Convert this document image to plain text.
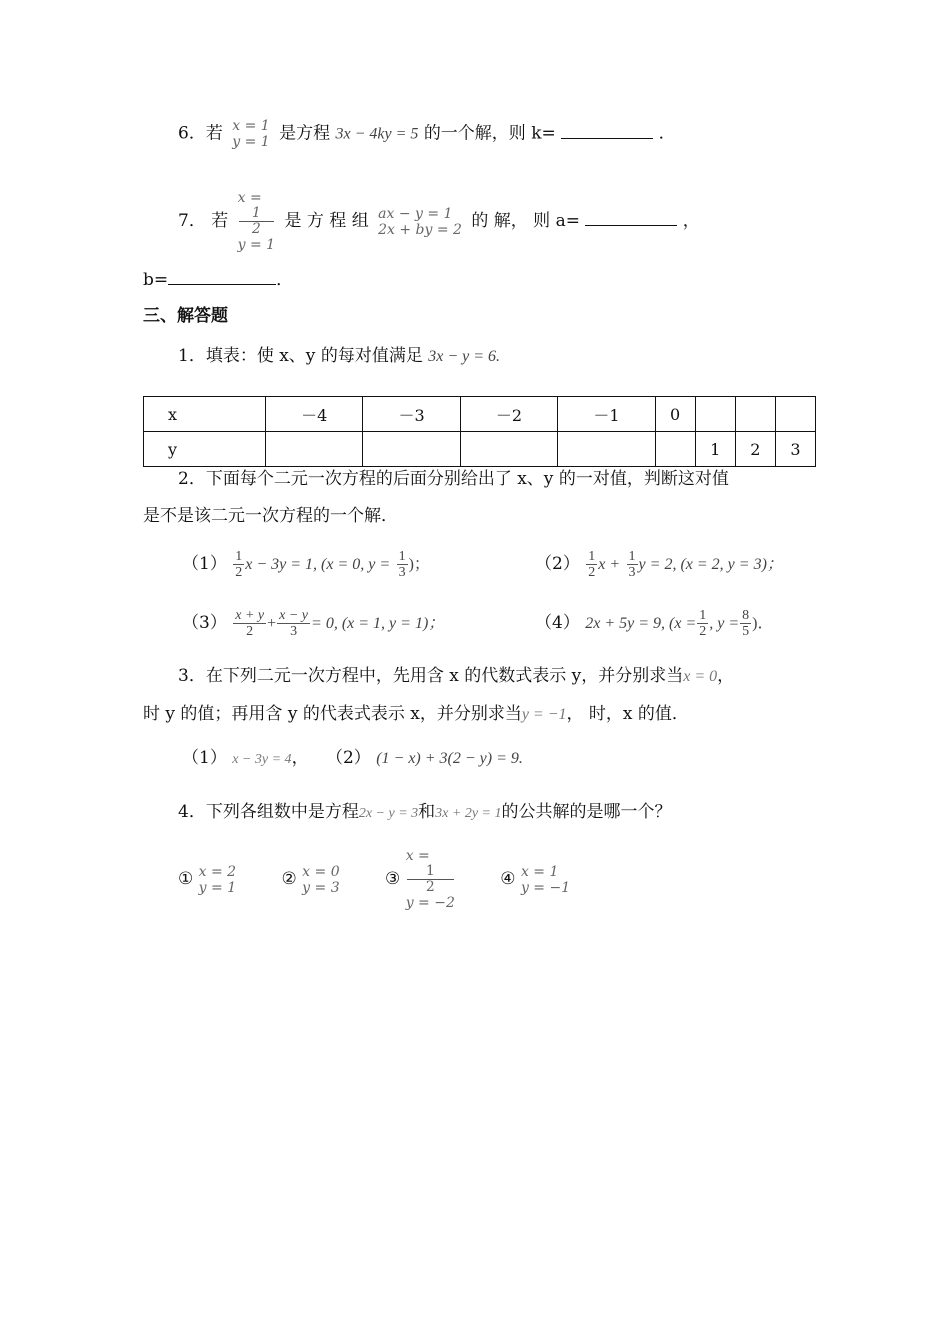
6．若 x = 1
y = 1 是方程 3x − 4ky = 5 的一个解，则 k=	．
7． 若
x =
1
2
y = 1
是 方 程 组 ax − y = 1
2x + by = 2 的 解， 则 a=	，
b=	．
三、解答题
1．填表：使 x、y 的每对值满足 3x − y = 6.
x	－4	－3	－2	－1	0			
y						1	2	3
2．下面每个二元一次方程的后面分别给出了 x、y 的一对值，判断这对值
是不是该二元一次方程的一个解．
$(1) \frac{1}{2}$ x − 3y = 1, (x = 0, $y = \frac{1}{3}$ )；	$(2) \frac{1}{2}$ $x + \frac{1}{3}$ y = 2, (x = 2, y = 3)；
$(3) \frac{x + y}{2} + \frac{x - y}{3} = 0$, (x = 1, y = 1)；	（4） 2x + 5y = 9, ($x = \frac{1}{2}$ , $y = \frac{8}{5}$ )．
3．在下列二元一次方程中，先用含 x 的代数式表示 y，并分别求当x = 0，
时 y 的值；再用含 y 的代表式表示 x，并分别求当y = −1， 时，x 的值．
（1） x − 3y = 4， （2） (1 − x) + 3(2 − y) = 9.
4．下列各组数中是方程2x − y = 3和3x + 2y = 1的公共解的是哪一个？
① x = 2
y = 1	② x = 0
y = 3	③
x =
1
2
y = −2
④ x = 1
y = −1
